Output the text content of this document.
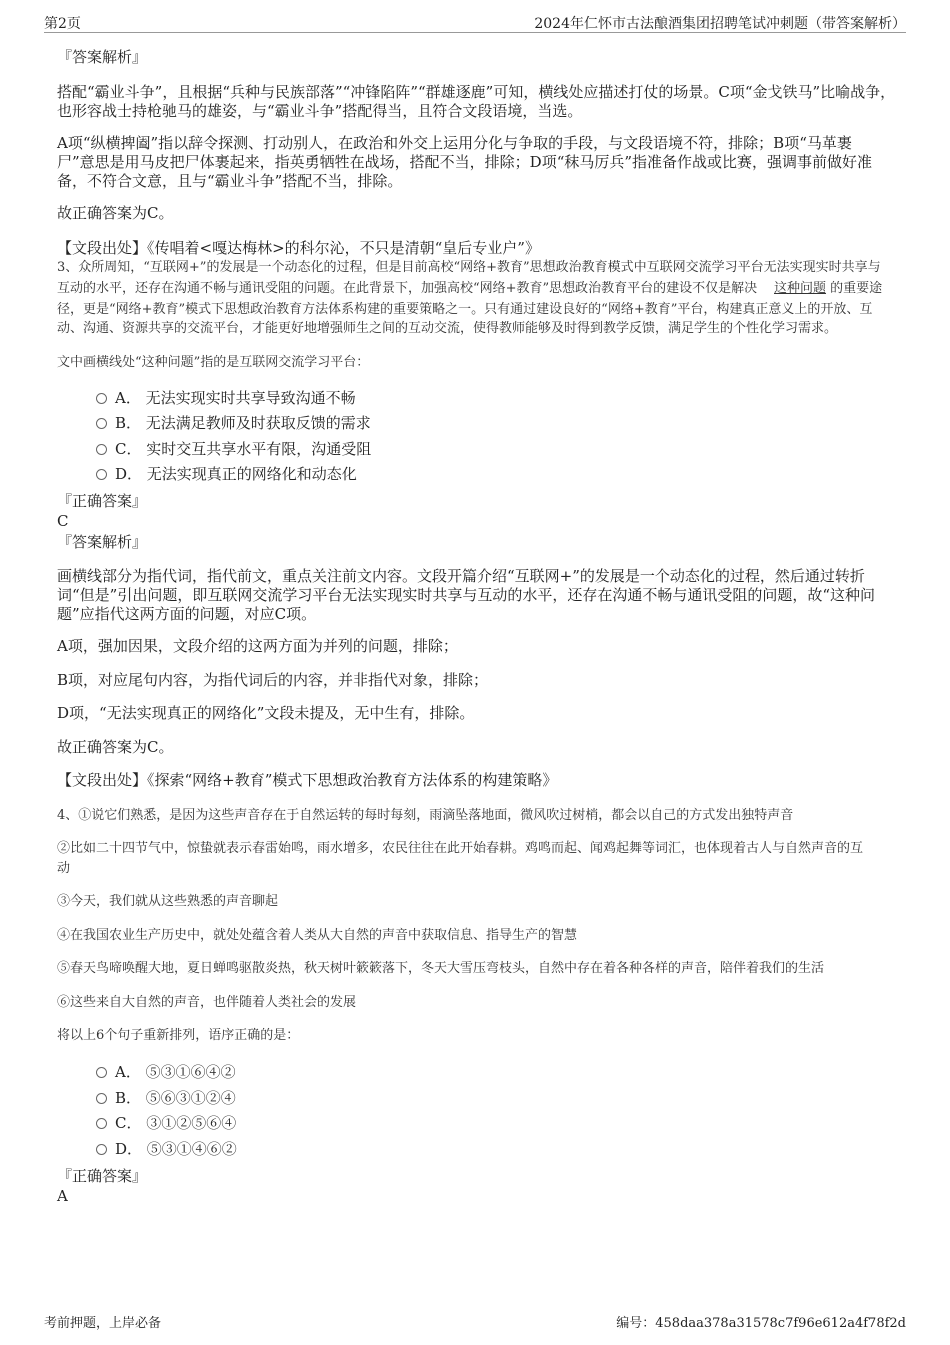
第2页	2024年仁怀市古法酿酒集团招聘笔试冲刺题（带答案解析）

『答案解析』

搭配“霸业斗争”，且根据“兵种与民族部落”“冲锋陷阵”“群雄逐鹿”可知，横线处应描述打仗的场景。C项“金戈铁马”比喻战争，

也形容战士持枪驰马的雄姿，与“霸业斗争”搭配得当，且符合文段语境，当选。

A项“纵横捭阖”指以辞令探测、打动别人，在政治和外交上运用分化与争取的手段，与文段语境不符，排除；B项“马革裹

尸”意思是用马皮把尸体裹起来，指英勇牺牲在战场，搭配不当，排除；D项“秣马厉兵”指准备作战或比赛，强调事前做好准

备，不符合文意，且与“霸业斗争”搭配不当，排除。

故正确答案为C。

【文段出处】《传唱着<嘎达梅林>的科尔沁，不只是清朝“皇后专业户”》

3、众所周知，“互联网+”的发展是一个动态化的过程，但是目前高校“网络+教育”思想政治教育模式中互联网交流学习平台无法实现实时共享与

互动的水平，还存在沟通不畅与通讯受阻的问题。在此背景下，加强高校“网络+教育”思想政治教育平台的建设不仅是解决

径，更是“网络+教育”模式下思想政治教育方法体系构建的重要策略之一。只有通过建设良好的“网络+教育”平台，构建真正意义上的开放、互

动、沟通、资源共享的交流平台，才能更好地增强师生之间的互动交流，使得教师能够及时得到教学反馈，满足学生的个性化学习需求。

这种问题 的重要途

文中画横线处“这种问题”指的是互联网交流学习平台：

A． 无法实现实时共享导致沟通不畅
B． 无法满足教师及时获取反馈的需求
C． 实时交互共享水平有限，沟通受阻
D． 无法实现真正的网络化和动态化

『正确答案』

C

『答案解析』

画横线部分为指代词，指代前文，重点关注前文内容。文段开篇介绍“互联网+”的发展是一个动态化的过程，然后通过转折

词“但是”引出问题，即互联网交流学习平台无法实现实时共享与互动的水平，还存在沟通不畅与通讯受阻的问题，故“这种问

题”应指代这两方面的问题，对应C项。

A项，强加因果，文段介绍的这两方面为并列的问题，排除；

B项，对应尾句内容，为指代词后的内容，并非指代对象，排除；

D项，“无法实现真正的网络化”文段未提及，无中生有，排除。

故正确答案为C。

【文段出处】《探索“网络+教育”模式下思想政治教育方法体系的构建策略》

4、①说它们熟悉，是因为这些声音存在于自然运转的每时每刻，雨滴坠落地面，微风吹过树梢，都会以自己的方式发出独特声音

②比如二十四节气中，惊蛰就表示春雷始鸣，雨水增多，农民往往在此开始春耕。鸡鸣而起、闻鸡起舞等词汇，也体现着古人与自然声音的互

动

③今天，我们就从这些熟悉的声音聊起

④在我国农业生产历史中，就处处蕴含着人类从大自然的声音中获取信息、指导生产的智慧

⑤春天鸟啼唤醒大地，夏日蝉鸣驱散炎热，秋天树叶簌簌落下，冬天大雪压弯枝头，自然中存在着各种各样的声音，陪伴着我们的生活

⑥这些来自大自然的声音，也伴随着人类社会的发展

将以上6个句子重新排列，语序正确的是：

A． ⑤③①⑥④②
B． ⑤⑥③①②④
C． ③①②⑤⑥④
D． ⑤③①④⑥②

『正确答案』

A

考前押题，上岸必备	编号：458daa378a31578c7f96e612a4f78f2d
